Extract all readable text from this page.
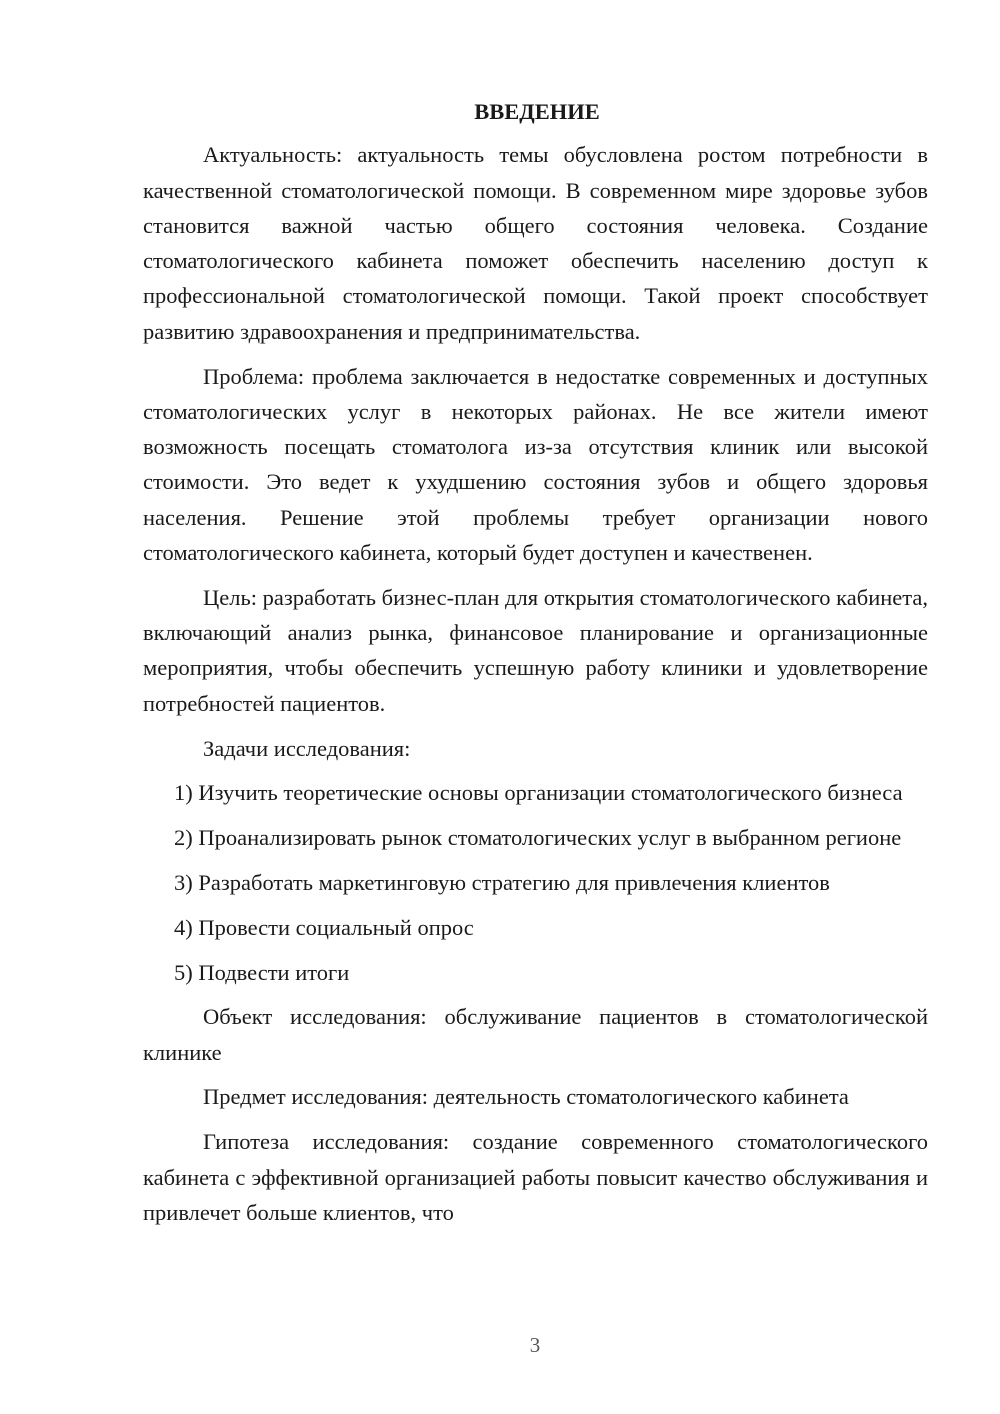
ВВЕДЕНИЕ

Актуальность: актуальность темы обусловлена ростом потребности в качественной стоматологической помощи. В современном мире здоровье зубов становится важной частью общего состояния человека. Создание стоматологического кабинета поможет обеспечить населению доступ к профессиональной стоматологической помощи. Такой проект способствует развитию здравоохранения и предпринимательства.

Проблема: проблема заключается в недостатке современных и доступных стоматологических услуг в некоторых районах. Не все жители имеют возможность посещать стоматолога из-за отсутствия клиник или высокой стоимости. Это ведет к ухудшению состояния зубов и общего здоровья населения. Решение этой проблемы требует организации нового стоматологического кабинета, который будет доступен и качественен.

Цель: разработать бизнес-план для открытия стоматологического кабинета, включающий анализ рынка, финансовое планирование и организационные мероприятия, чтобы обеспечить успешную работу клиники и удовлетворение потребностей пациентов.

Задачи исследования:

1) Изучить теоретические основы организации стоматологического бизнеса

2) Проанализировать рынок стоматологических услуг в выбранном регионе

3) Разработать маркетинговую стратегию для привлечения клиентов

4) Провести социальный опрос

5) Подвести итоги

Объект исследования: обслуживание пациентов в стоматологической клинике

Предмет исследования: деятельность стоматологического кабинета

Гипотеза исследования: создание современного стоматологического кабинета с эффективной организацией работы повысит качество обслуживания и привлечет больше клиентов, что

3
